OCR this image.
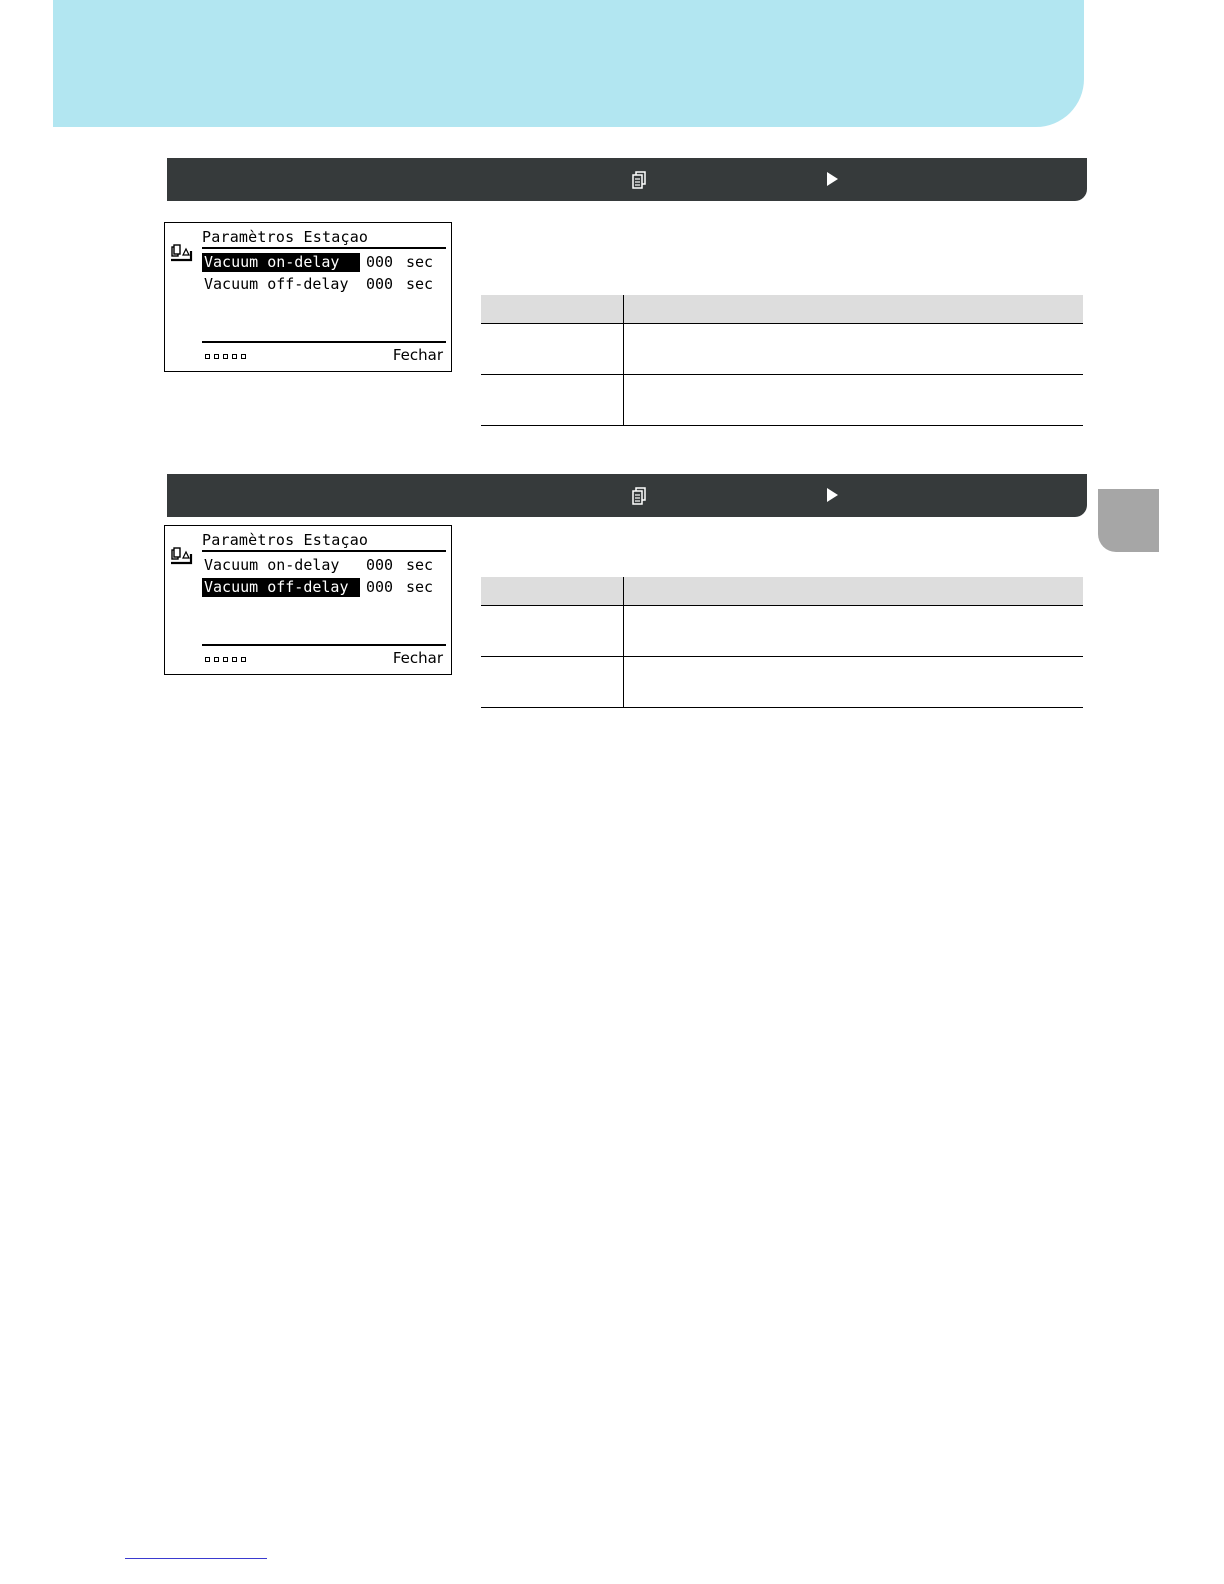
Paramètros Estaçao
Vacuum on-delay	000 sec
Vacuum off-delay	000 sec
Fechar
Paramètros Estaçao
Vacuum on-delay	000 sec
Vacuum off-delay	000 sec
Fechar
